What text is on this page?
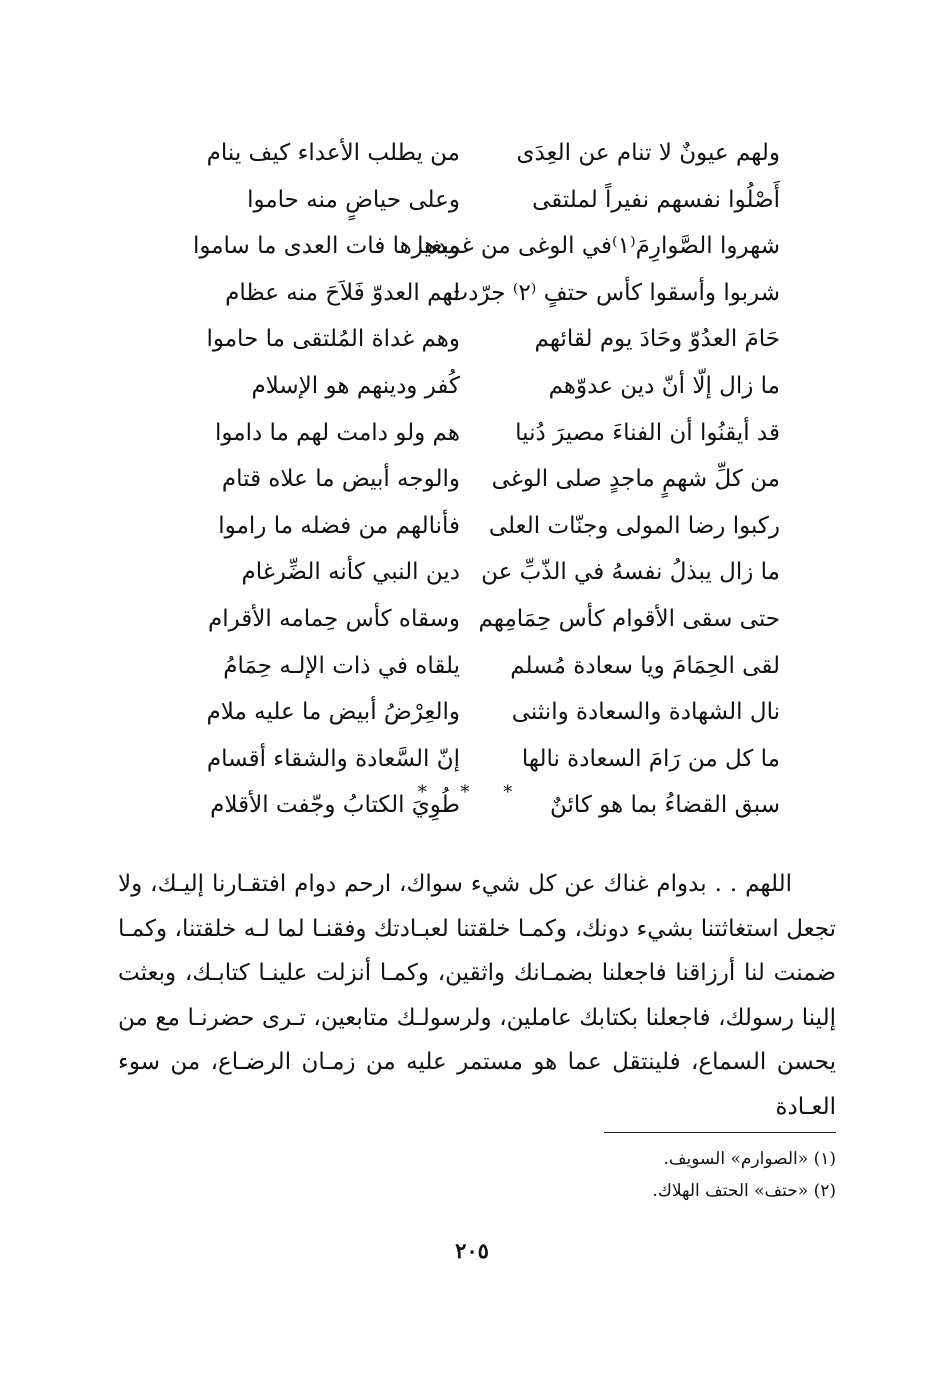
ولهم عيونٌ لا تنام عن العِدَى
من يطلب الأعداء كيف ينام
أَصْلُوا نفسهم نفيراً لملتقى
وعلى حياضٍ منه حاموا
شهروا الصَّوارِمَ⁽١⁾في الوغى من غمدها
وبغيرها فات العدى ما ساموا
شربوا وأسقوا كأس حتفٍ ⁽٢⁾ جرّدت
لهم العدوّ فَلاَحَ منه عظام
حَامَ العدُوّ وحَادَ يوم لقائهم
وهم غداة المُلتقى ما حاموا
ما زال إلّا أنّ دين عدوّهم
كُفر ودينهم هو الإسلام
قد أيقنُوا أن الفناءَ مصيرَ دُنيا
هم ولو دامت لهم ما داموا
من كلِّ شهمٍ ماجدٍ صلى الوغى
والوجه أبيض ما علاه قتام
ركبوا رضا المولى وجنّات العلى
فأنالهم من فضله ما راموا
ما زال يبذلُ نفسهُ في الذّبِّ عن
دين النبي كأنه الضِّرغام
حتى سقى الأقوام كأس حِمَامِهم
وسقاه كأس حِمامه الأقرام
لقى الحِمَامَ ويا سعادة مُسلم
يلقاه في ذات الإلـه حِمَامُ
نال الشهادة والسعادة وانثنى
والعِرْضُ أبيض ما عليه ملام
ما كل من رَامَ السعادة نالها
إنّ السَّعادة والشقاء أقسام
سبق القضاءُ بما هو كائنٌ
طُوِيَ الكتابُ وجّفت الأقلام
* * *

اللهم . . بدوام غناك عن كل شيء سواك، ارحم دوام افتقـارنا إليـك، ولا تجعل استغاثتنا بشيء دونك، وكمـا خلقتنا لعبـادتك وفقنـا لما لـه خلقتنا، وكمـا ضمنت لنا أرزاقنا فاجعلنا بضمـانك واثقين، وكمـا أنزلت علينـا كتابـك، وبعثت إلينا رسولك، فاجعلنا بكتابك عاملين، ولرسولـك متابعين، تـرى حضرنـا مع من يحسن السماع، فلينتقل عما هو مستمر عليه من زمـان الرضـاع، من سوء العـادة

(١) «الصوارم» السويف.
(٢) «حتف» الحتف الهلاك.
٢٠٥
